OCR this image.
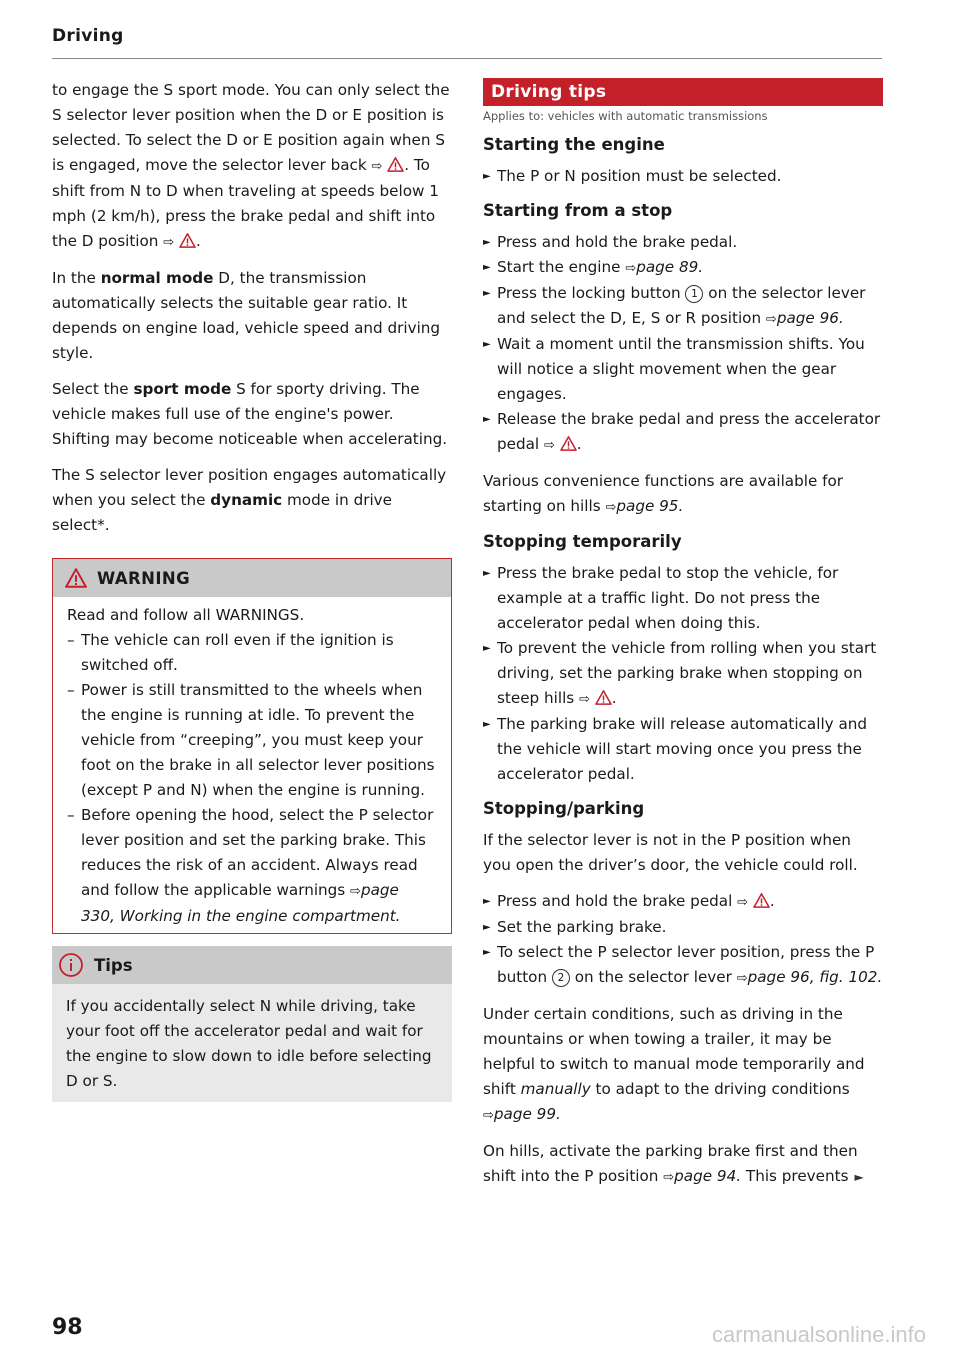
Driving

to engage the S sport mode. You can only select the S selector lever position when the D or E position is selected. To select the D or E position again when S is engaged, move the selector lever back ⇨ . To shift from N to D when traveling at speeds below 1 mph (2 km/h), press the brake pedal and shift into the D position ⇨ .

In the normal mode D, the transmission automatically selects the suitable gear ratio. It depends on engine load, vehicle speed and driving style.

Select the sport mode S for sporty driving. The vehicle makes full use of the engine's power. Shifting may become noticeable when accelerating.

The S selector lever position engages automatically when you select the dynamic mode in drive select*.

WARNING

Read and follow all WARNINGS.

– The vehicle can roll even if the ignition is switched off.
– Power is still transmitted to the wheels when the engine is running at idle. To prevent the vehicle from “creeping”, you must keep your foot on the brake in all selector lever positions (except P and N) when the engine is running.
– Before opening the hood, select the P selector lever position and set the parking brake. This reduces the risk of an accident. Always read and follow the applicable warnings ⇨page 330, Working in the engine compartment.
Tips
If you accidentally select N while driving, take your foot off the accelerator pedal and wait for the engine to slow down to idle before selecting D or S.
Driving tips
Applies to: vehicles with automatic transmissions
Starting the engine
► The P or N position must be selected.
Starting from a stop
► Press and hold the brake pedal.
► Start the engine ⇨page 89.
► Press the locking button 1 on the selector lever and select the D, E, S or R position ⇨page 96.
► Wait a moment until the transmission shifts. You will notice a slight movement when the gear engages.
► Release the brake pedal and press the accelerator pedal ⇨ .

Various convenience functions are available for starting on hills ⇨page 95.

Stopping temporarily
► Press the brake pedal to stop the vehicle, for example at a traffic light. Do not press the accelerator pedal when doing this.
► To prevent the vehicle from rolling when you start driving, set the parking brake when stopping on steep hills ⇨ .
► The parking brake will release automatically and the vehicle will start moving once you press the accelerator pedal.
Stopping/parking

If the selector lever is not in the P position when you open the driver’s door, the vehicle could roll.

► Press and hold the brake pedal ⇨ .
► Set the parking brake.
► To select the P selector lever position, press the P button 2 on the selector lever ⇨page 96, fig. 102.

Under certain conditions, such as driving in the mountains or when towing a trailer, it may be helpful to switch to manual mode temporarily and shift manually to adapt to the driving conditions ⇨page 99.

On hills, activate the parking brake first and then shift into the P position ⇨page 94. This prevents ►

98	carmanualsonline.info
